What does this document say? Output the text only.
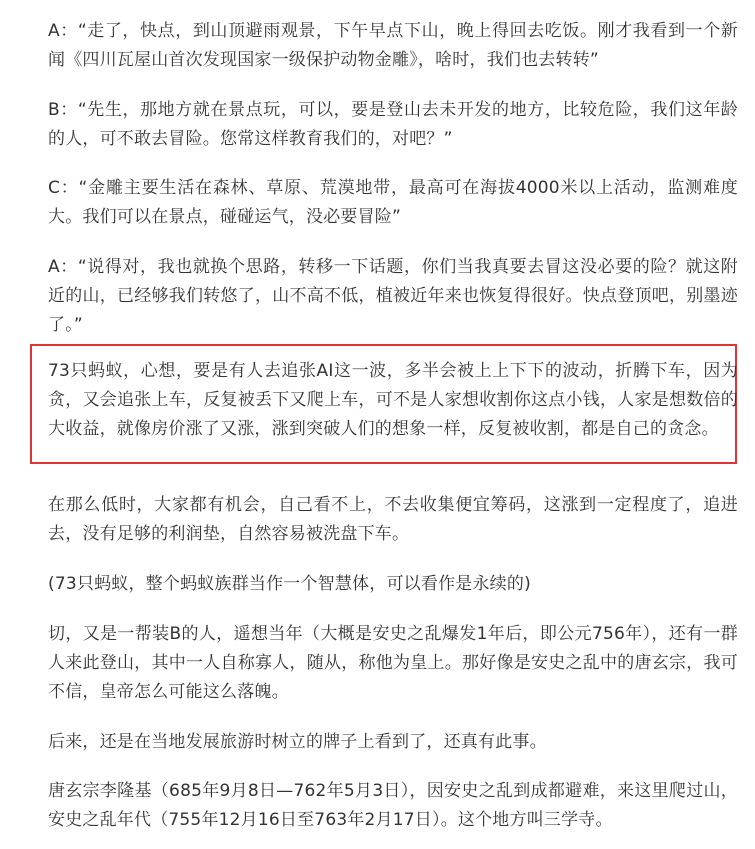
A：“走了，快点，到山顶避雨观景，下午早点下山，晚上得回去吃饭。刚才我看到一个新闻《四川瓦屋山首次发现国家一级保护动物金雕》，啥时，我们也去转转”

B：“先生，那地方就在景点玩，可以，要是登山去未开发的地方，比较危险，我们这年龄的人，可不敢去冒险。您常这样教育我们的，对吧？”

C：“金雕主要生活在森林、草原、荒漠地带，最高可在海拔4000米以上活动，监测难度大。我们可以在景点，碰碰运气，没必要冒险”

A：“说得对，我也就换个思路，转移一下话题，你们当我真要去冒这没必要的险？就这附近的山，已经够我们转悠了，山不高不低，植被近年来也恢复得很好。快点登顶吧，别墨迹了。”

73只蚂蚁，心想，要是有人去追张AI这一波，多半会被上上下下的波动，折腾下车，因为贪，又会追张上车，反复被丢下又爬上车，可不是人家想收割你这点小钱，人家是想数倍的大收益，就像房价涨了又涨，涨到突破人们的想象一样，反复被收割，都是自己的贪念。

在那么低时，大家都有机会，自己看不上，不去收集便宜筹码，这涨到一定程度了，追进去，没有足够的利润垫，自然容易被洗盘下车。

(73只蚂蚁，整个蚂蚁族群当作一个智慧体，可以看作是永续的)

切，又是一帮装B的人，遥想当年（大概是安史之乱爆发1年后，即公元756年），还有一群人来此登山，其中一人自称寡人，随从，称他为皇上。那好像是安史之乱中的唐玄宗，我可不信，皇帝怎么可能这么落魄。

后来，还是在当地发展旅游时树立的牌子上看到了，还真有此事。

唐玄宗李隆基（685年9月8日—762年5月3日），因安史之乱到成都避难，来这里爬过山，安史之乱年代（755年12月16日至763年2月17日）。这个地方叫三学寺。
